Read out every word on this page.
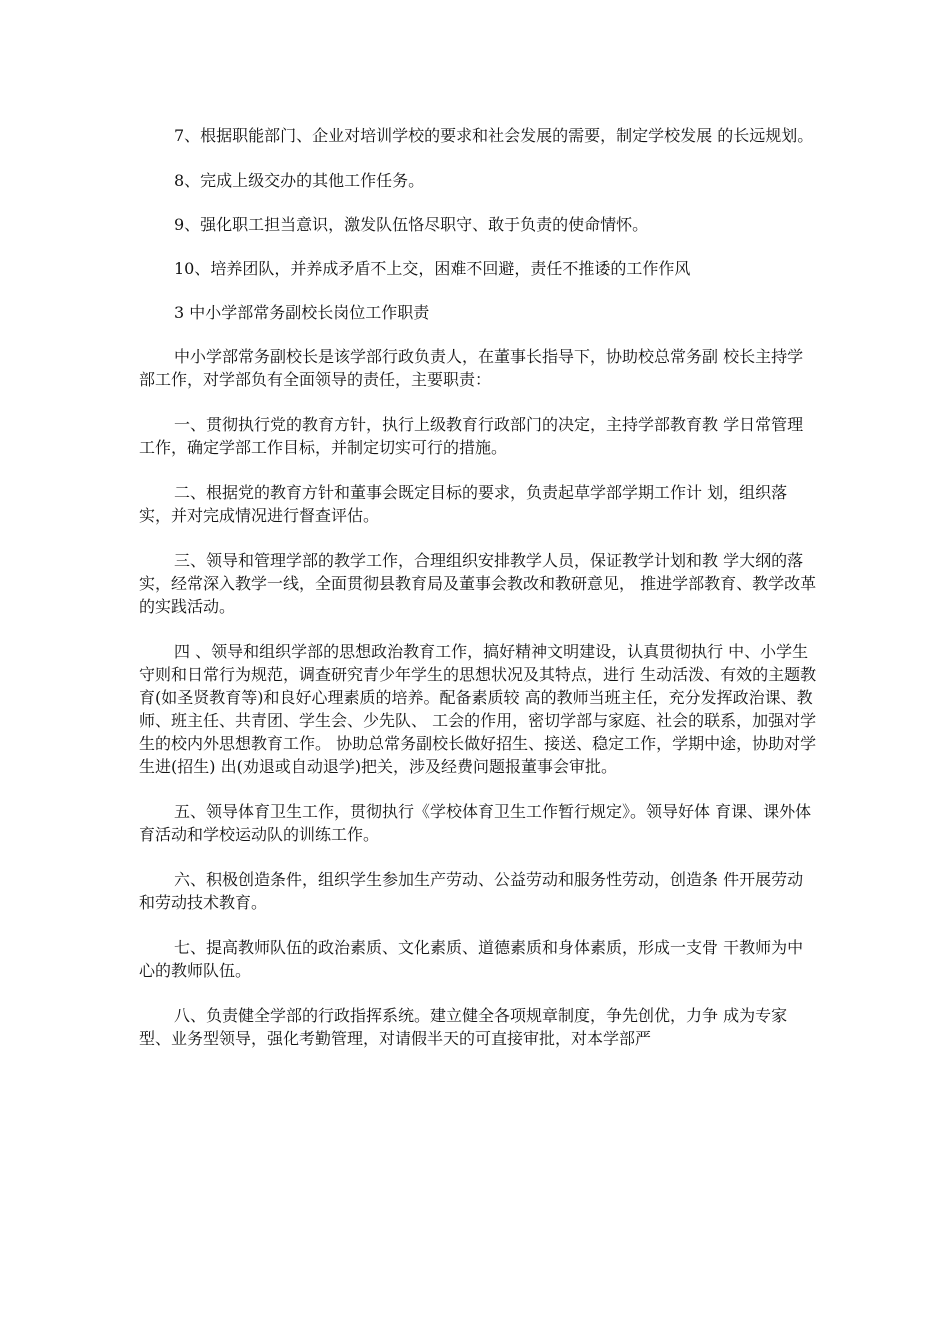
7、根据职能部门、企业对培训学校的要求和社会发展的需要，制定学校发展 的长远规划。

8、完成上级交办的其他工作任务。

9、强化职工担当意识，激发队伍恪尽职守、敢于负责的使命情怀。

10、培养团队，并养成矛盾不上交，困难不回避，责任不推诿的工作作风

3 中小学部常务副校长岗位工作职责

中小学部常务副校长是该学部行政负责人，在董事长指导下，协助校总常务副 校长主持学部工作，对学部负有全面领导的责任，主要职责：

一、贯彻执行党的教育方针，执行上级教育行政部门的决定，主持学部教育教 学日常管理工作，确定学部工作目标，并制定切实可行的措施。

二、根据党的教育方针和董事会既定目标的要求，负责起草学部学期工作计 划，组织落实，并对完成情况进行督查评估。

三、领导和管理学部的教学工作，合理组织安排教学人员，保证教学计划和教 学大纲的落实，经常深入教学一线，全面贯彻县教育局及董事会教改和教研意见， 推进学部教育、教学改革的实践活动。

四 、领导和组织学部的思想政治教育工作，搞好精神文明建设，认真贯彻执行 中、小学生守则和日常行为规范，调查研究青少年学生的思想状况及其特点，进行 生动活泼、有效的主题教育(如圣贤教育等)和良好心理素质的培养。配备素质较 高的教师当班主任，充分发挥政治课、教师、班主任、共青团、学生会、少先队、 工会的作用，密切学部与家庭、社会的联系，加强对学生的校内外思想教育工作。 协助总常务副校长做好招生、接送、稳定工作，学期中途，协助对学生进(招生) 出(劝退或自动退学)把关，涉及经费问题报董事会审批。

五、领导体育卫生工作，贯彻执行《学校体育卫生工作暂行规定》。领导好体 育课、课外体育活动和学校运动队的训练工作。

六、积极创造条件，组织学生参加生产劳动、公益劳动和服务性劳动，创造条 件开展劳动和劳动技术教育。

七、提高教师队伍的政治素质、文化素质、道德素质和身体素质，形成一支骨 干教师为中心的教师队伍。

八、负责健全学部的行政指挥系统。建立健全各项规章制度，争先创优，力争 成为专家型、业务型领导，强化考勤管理，对请假半天的可直接审批，对本学部严
